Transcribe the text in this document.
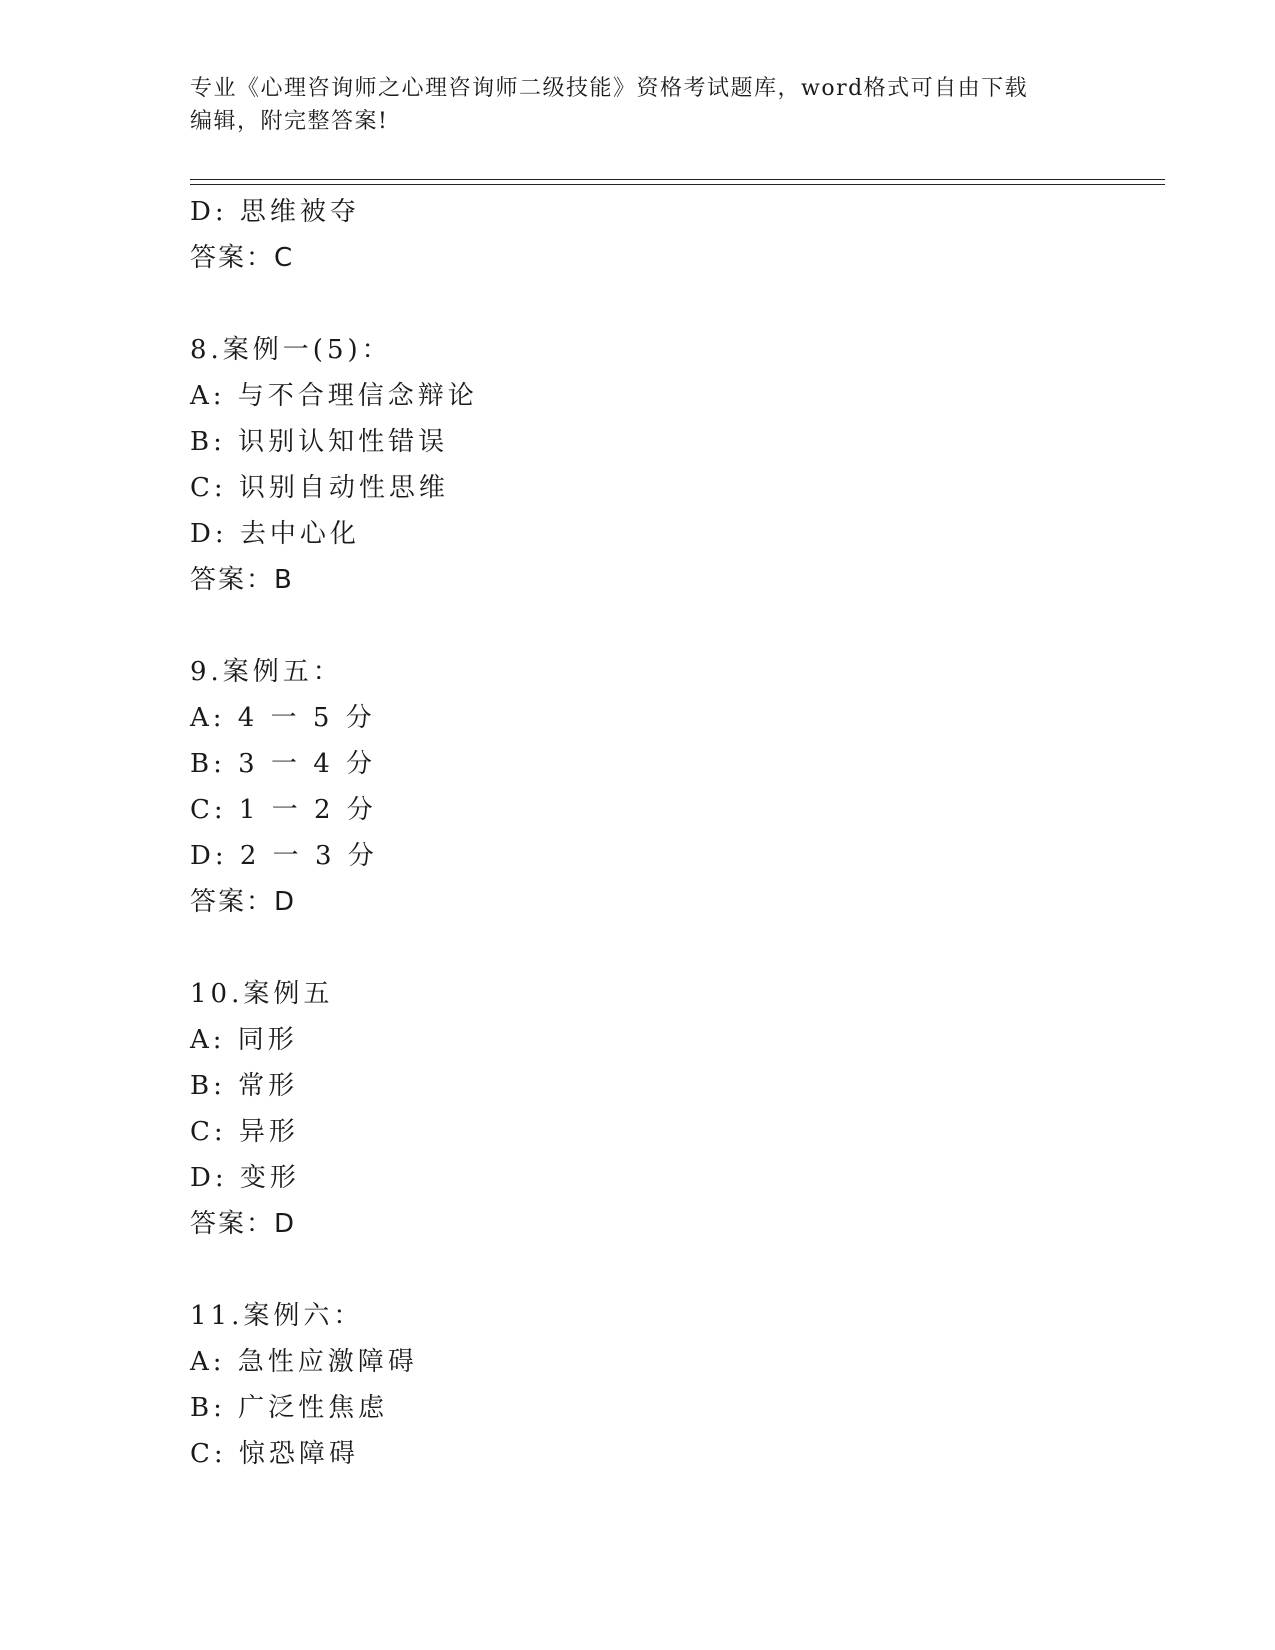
专业《心理咨询师之心理咨询师二级技能》资格考试题库，word格式可自由下载
编辑，附完整答案!
D: 思维被夺
答案：C
8.案例一(5)：
A: 与不合理信念辩论
B: 识别认知性错误
C: 识别自动性思维
D: 去中心化
答案：B
9.案例五：
A: 4 一 5 分
B: 3 一 4 分
C: 1 一 2 分
D: 2 一 3 分
答案：D
10.案例五
A: 同形
B: 常形
C: 异形
D: 变形
答案：D
11.案例六：
A: 急性应激障碍
B: 广泛性焦虑
C: 惊恐障碍
